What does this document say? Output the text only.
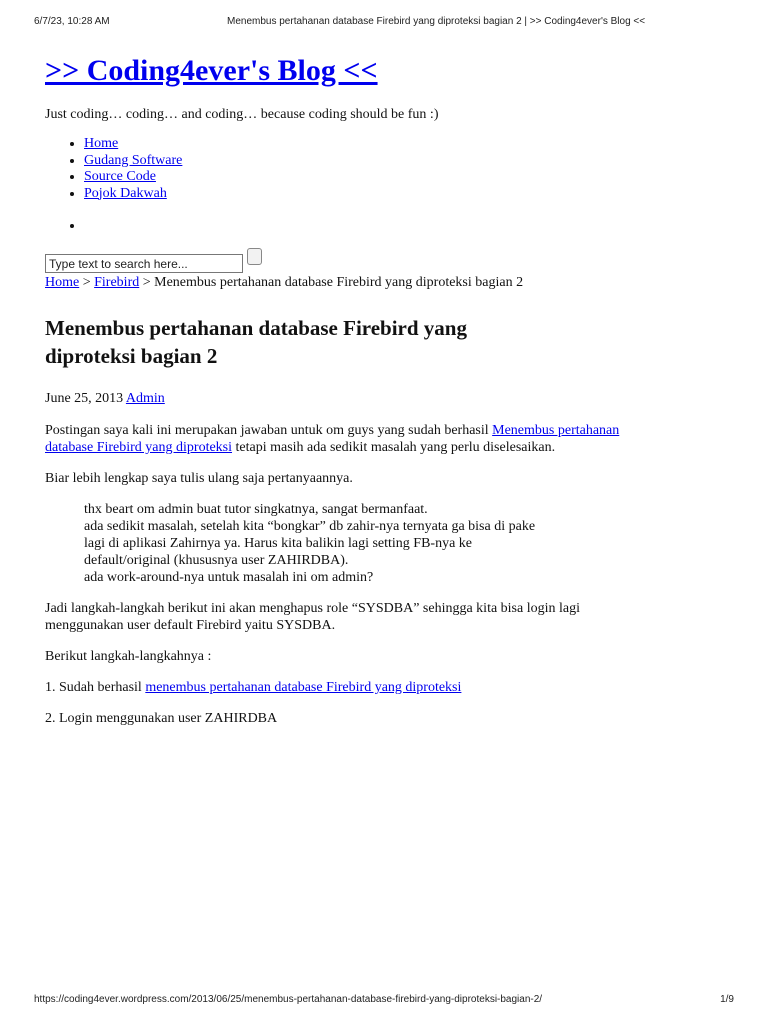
6/7/23, 10:28 AM	Menembus pertahanan database Firebird yang diproteksi bagian 2 | >> Coding4ever's Blog <<
>> Coding4ever's Blog <<

Just coding… coding… and coding… because coding should be fun :)

• Home
• Gudang Software
• Source Code
• Pojok Dakwah
•
Type text to search here...
Home > Firebird > Menembus pertahanan database Firebird yang diproteksi bagian 2
Menembus pertahanan database Firebird yang diproteksi bagian 2
June 25, 2013 Admin

Postingan saya kali ini merupakan jawaban untuk om guys yang sudah berhasil Menembus pertahanan database Firebird yang diproteksi tetapi masih ada sedikit masalah yang perlu diselesaikan.

Biar lebih lengkap saya tulis ulang saja pertanyaannya.

thx beart om admin buat tutor singkatnya, sangat bermanfaat.
ada sedikit masalah, setelah kita “bongkar” db zahir-nya ternyata ga bisa di pake lagi di aplikasi Zahirnya ya. Harus kita balikin lagi setting FB-nya ke default/original (khususnya user ZAHIRDBA).
ada work-around-nya untuk masalah ini om admin?

Jadi langkah-langkah berikut ini akan menghapus role “SYSDBA” sehingga kita bisa login lagi menggunakan user default Firebird yaitu SYSDBA.

Berikut langkah-langkahnya :

1. Sudah berhasil menembus pertahanan database Firebird yang diproteksi

2. Login menggunakan user ZAHIRDBA

https://coding4ever.wordpress.com/2013/06/25/menembus-pertahanan-database-firebird-yang-diproteksi-bagian-2/	1/9
